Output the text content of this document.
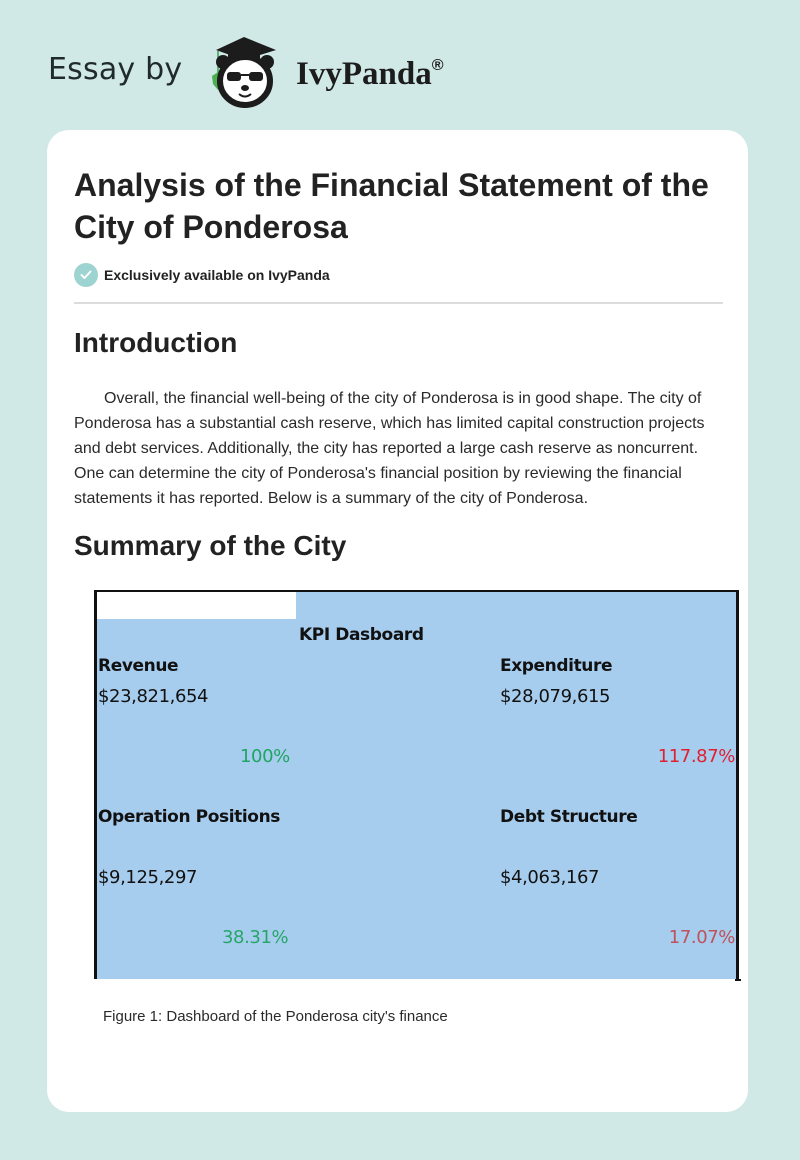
Essay by	IvyPanda®
Analysis of the Financial Statement of the City of Ponderosa
Exclusively available on IvyPanda
Introduction

Overall, the financial well-being of the city of Ponderosa is in good shape. The city of Ponderosa has a substantial cash reserve, which has limited capital construction projects and debt services. Additionally, the city has reported a large cash reserve as noncurrent. One can determine the city of Ponderosa's financial position by reviewing the financial statements it has reported. Below is a summary of the city of Ponderosa.

Summary of the City
KPI Dasboard
Revenue
$23,821,654
100%
Expenditure
$28,079,615
117.87%
Operation Positions
$9,125,297
38.31%
Debt Structure
$4,063,167
17.07%

Figure 1: Dashboard of the Ponderosa city's finance
